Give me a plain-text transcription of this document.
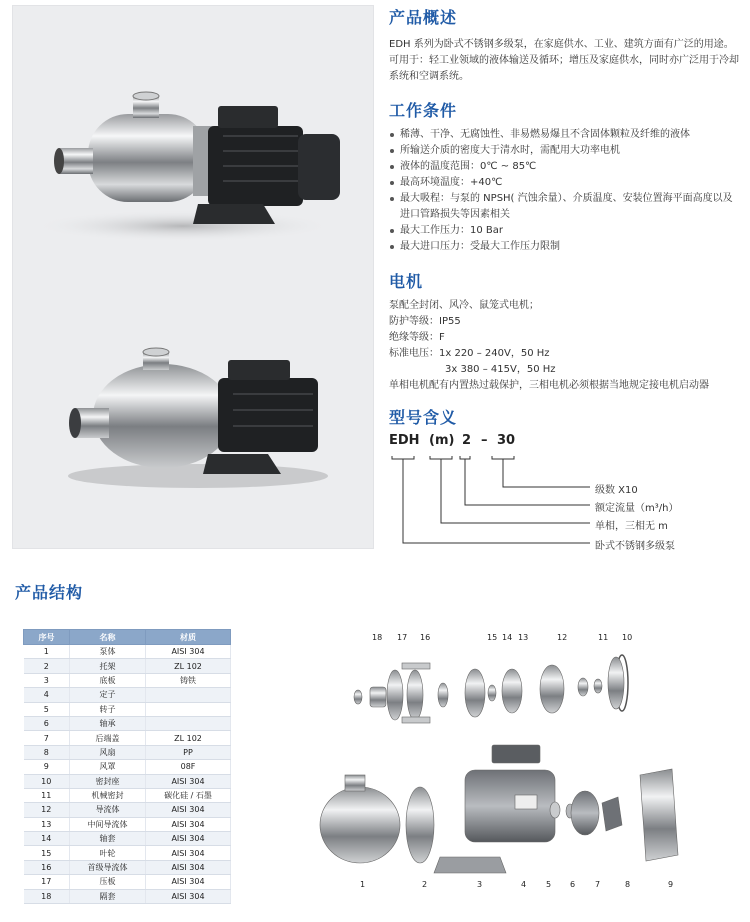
产品概述
EDH 系列为卧式不锈钢多级泵，在家庭供水、工业、建筑方面有广泛的用途。可用于：轻工业领域的液体输送及循环；增压及家庭供水，同时亦广泛用于冷却系统和空调系统。
工作条件
稀薄、干净、无腐蚀性、非易燃易爆且不含固体颗粒及纤维的液体
所输送介质的密度大于清水时，需配用大功率电机
液体的温度范围：0℃ ~ 85℃
最高环境温度：+40℃
最大吸程：与泵的 NPSH( 汽蚀余量）、介质温度、安装位置海平面高度以及进口管路损失等因素相关
最大工作压力：10 Bar
最大进口压力：受最大工作压力限制
电机
泵配全封闭、风冷、鼠笼式电机；
防护等级：IP55
绝缘等级：F
标准电压：1x 220 – 240V，50 Hz
3x 380 – 415V，50 Hz
单相电机配有内置热过载保护，三相电机必须根据当地规定接电机启动器
型号含义
EDH (m) 2 – 30
级数 X10
额定流量（m³/h）
单相，三相无 m
卧式不锈钢多级泵
产品结构
序号	名称	材质
1	泵体	AISI 304
2	托架	ZL 102
3	底板	铸铁
4	定子	
5	转子	
6	轴承	
7	后端盖	ZL 102
8	风扇	PP
9	风罩	08F
10	密封座	AISI 304
11	机械密封	碳化硅 / 石墨
12	导流体	AISI 304
13	中间导流体	AISI 304
14	轴套	AISI 304
15	叶轮	AISI 304
16	首级导流体	AISI 304
17	压板	AISI 304
18	隔套	AISI 304
18 17 16	15 14 13	12	11 10
1	2	3	4 5 6 7	8	9
